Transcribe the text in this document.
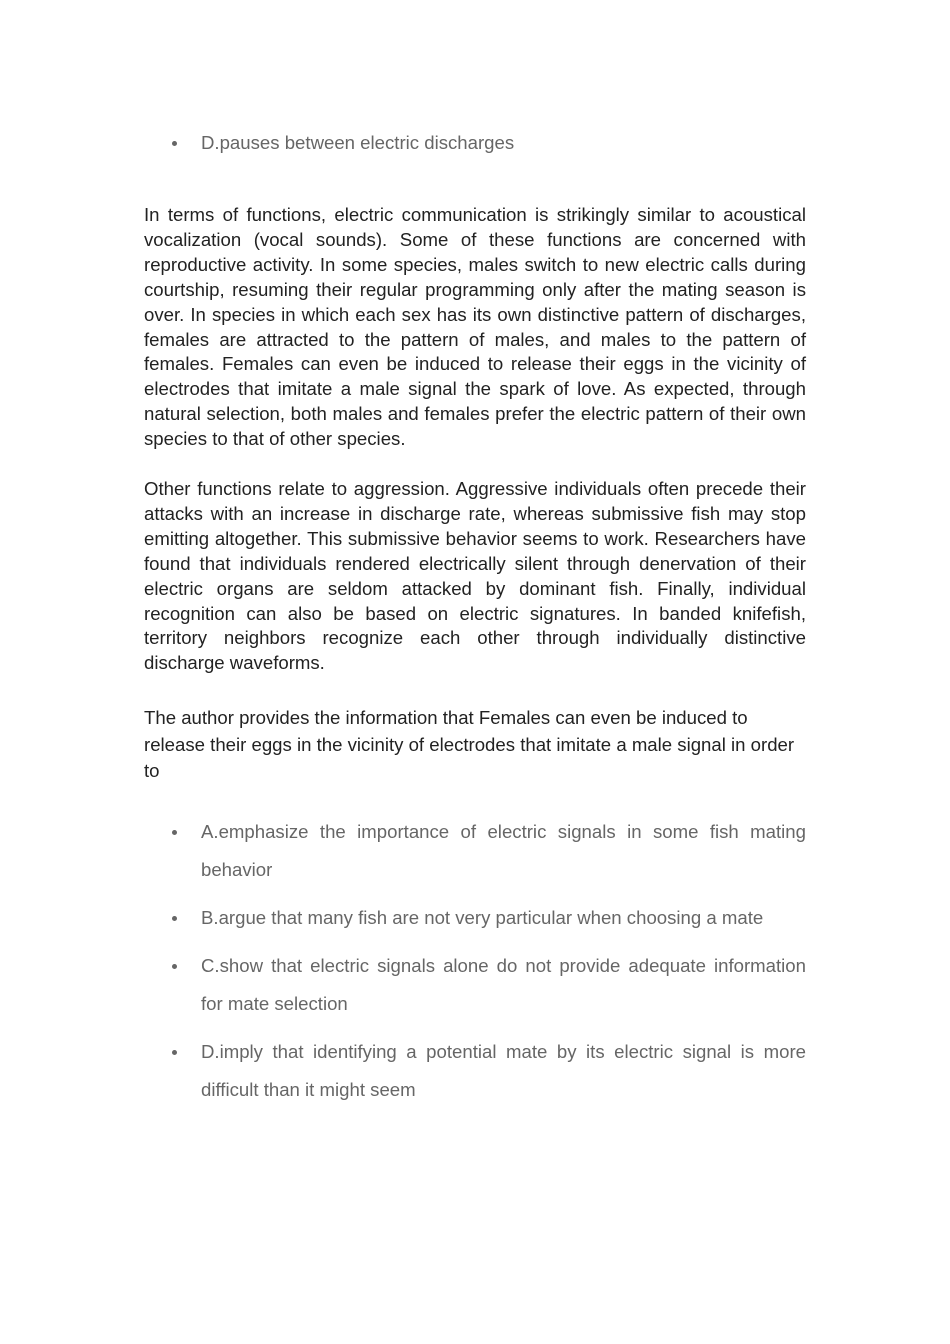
D.pauses between electric discharges

In terms of functions, electric communication is strikingly similar to acoustical vocalization (vocal sounds). Some of these functions are concerned with reproductive activity. In some species, males switch to new electric calls during courtship, resuming their regular programming only after the mating season is over. In species in which each sex has its own distinctive pattern of discharges, females are attracted to the pattern of males, and males to the pattern of females. Females can even be induced to release their eggs in the vicinity of electrodes that imitate a male signal the spark of love. As expected, through natural selection, both males and females prefer the electric pattern of their own species to that of other species.

Other functions relate to aggression. Aggressive individuals often precede their attacks with an increase in discharge rate, whereas submissive fish may stop emitting altogether. This submissive behavior seems to work. Researchers have found that individuals rendered electrically silent through denervation of their electric organs are seldom attacked by dominant fish. Finally, individual recognition can also be based on electric signatures. In banded knifefish, territory neighbors recognize each other through individually distinctive discharge waveforms.

The author provides the information that Females can even be induced to release their eggs in the vicinity of electrodes that imitate a male signal in order to

A.emphasize the importance of electric signals in some fish mating behavior
B.argue that many fish are not very particular when choosing a mate
C.show that electric signals alone do not provide adequate information for mate selection
D.imply that identifying a potential mate by its electric signal is more difficult than it might seem
